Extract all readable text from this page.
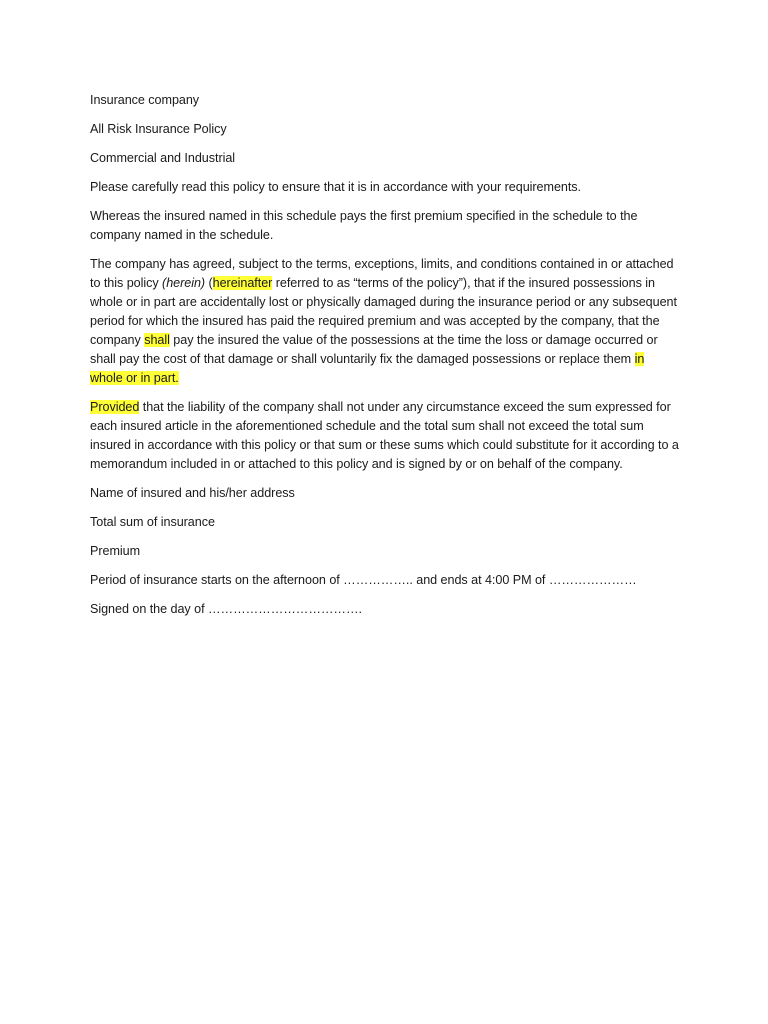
Insurance company

All Risk Insurance Policy

Commercial and Industrial

Please carefully read this policy to ensure that it is in accordance with your requirements.

Whereas the insured named in this schedule pays the first premium specified in the schedule to the company named in the schedule.

The company has agreed, subject to the terms, exceptions, limits, and conditions contained in or attached to this policy (herein) (hereinafter referred to as “terms of the policy”), that if the insured possessions in whole or in part are accidentally lost or physically damaged during the insurance period or any subsequent period for which the insured has paid the required premium and was accepted by the company, that the company shall pay the insured the value of the possessions at the time the loss or damage occurred or shall pay the cost of that damage or shall voluntarily fix the damaged possessions or replace them in whole or in part.

Provided that the liability of the company shall not under any circumstance exceed the sum expressed for each insured article in the aforementioned schedule and the total sum shall not exceed the total sum insured in accordance with this policy or that sum or these sums which could substitute for it according to a memorandum included in or attached to this policy and is signed by or on behalf of the company.

Name of insured and his/her address

Total sum of insurance

Premium

Period of insurance starts on the afternoon of …………….. and ends at 4:00 PM of …………………

Signed on the day of ……………………………….
